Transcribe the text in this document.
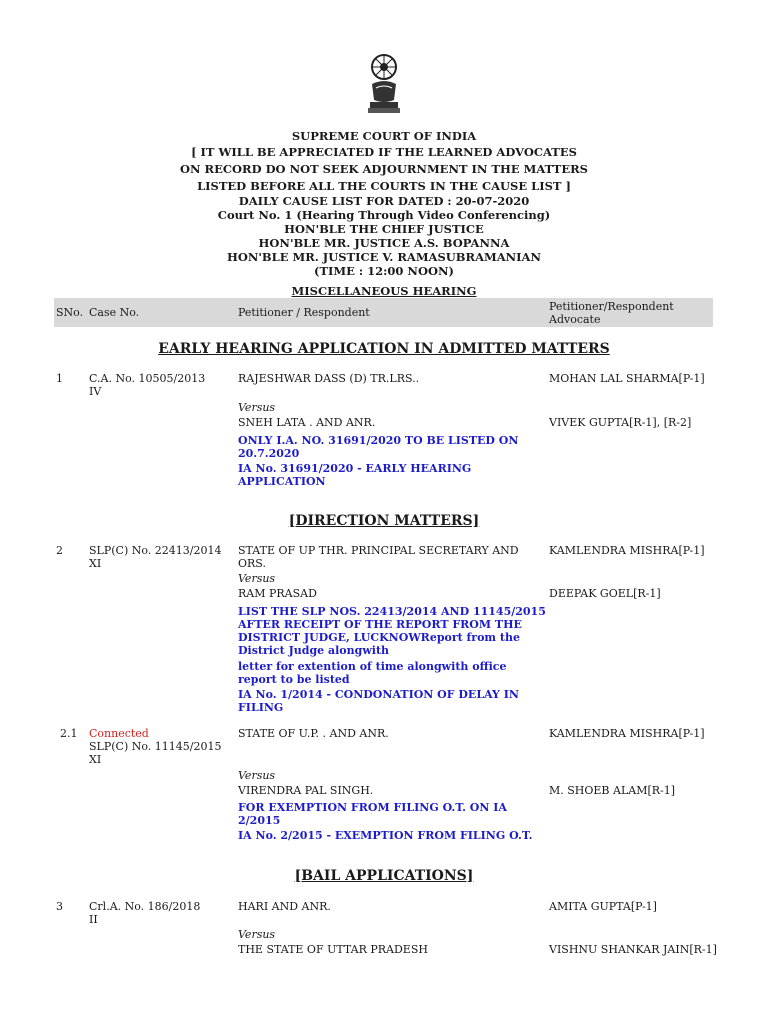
SUPREME COURT OF INDIA
[ IT WILL BE APPRECIATED IF THE LEARNED ADVOCATES
ON RECORD DO NOT SEEK ADJOURNMENT IN THE MATTERS
LISTED BEFORE ALL THE COURTS IN THE CAUSE LIST ]
DAILY CAUSE LIST FOR DATED : 20-07-2020
Court No. 1 (Hearing Through Video Conferencing)
HON'BLE THE CHIEF JUSTICE
HON'BLE MR. JUSTICE A.S. BOPANNA
HON'BLE MR. JUSTICE V. RAMASUBRAMANIAN
(TIME : 12:00 NOON)
MISCELLANEOUS HEARING
SNo. Case No.	Petitioner / Respondent	Petitioner/Respondent
Advocate
EARLY HEARING APPLICATION IN ADMITTED MATTERS
1 C.A. No. 10505/2013
IV
RAJESHWAR DASS (D) TR.LRS..	MOHAN LAL SHARMA[P-1]
Versus
SNEH LATA . AND ANR.	VIVEK GUPTA[R-1], [R-2]
ONLY I.A. NO. 31691/2020 TO BE LISTED ON
20.7.2020
IA No. 31691/2020 - EARLY HEARING
APPLICATION
[DIRECTION MATTERS]
2 SLP(C) No. 22413/2014
XI
STATE OF UP THR. PRINCIPAL SECRETARY AND
ORS.
KAMLENDRA MISHRA[P-1]
Versus
RAM PRASAD	DEEPAK GOEL[R-1]
LIST THE SLP NOS. 22413/2014 AND 11145/2015
AFTER RECEIPT OF THE REPORT FROM THE
DISTRICT JUDGE, LUCKNOWReport from the
District Judge alongwith
letter for extention of time alongwith office
report to be listed
IA No. 1/2014 - CONDONATION OF DELAY IN
FILING
2.1 Connected
SLP(C) No. 11145/2015
XI
STATE OF U.P. . AND ANR.	KAMLENDRA MISHRA[P-1]
Versus
VIRENDRA PAL SINGH.	M. SHOEB ALAM[R-1]
FOR EXEMPTION FROM FILING O.T. ON IA
2/2015
IA No. 2/2015 - EXEMPTION FROM FILING O.T.
[BAIL APPLICATIONS]
3 Crl.A. No. 186/2018
II
HARI AND ANR.	AMITA GUPTA[P-1]
Versus
THE STATE OF UTTAR PRADESH	VISHNU SHANKAR JAIN[R-1]
